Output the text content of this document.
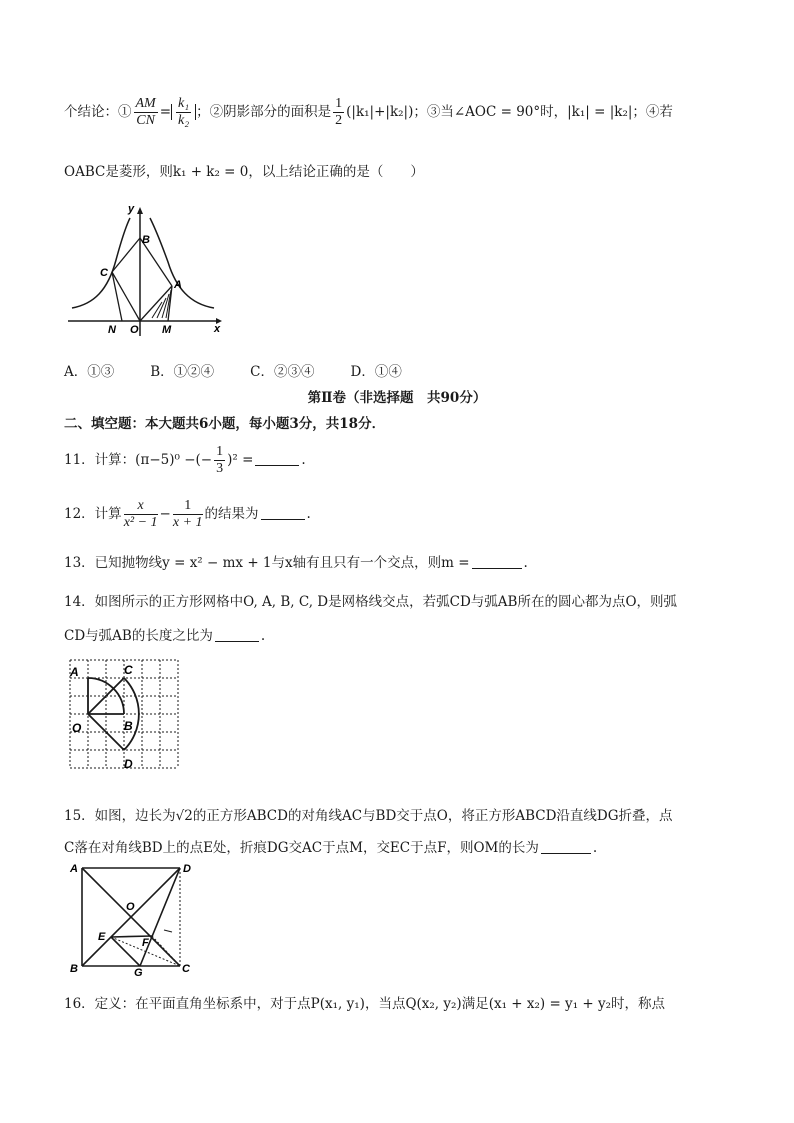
个结论：① $\frac{AM}{CN} = \frac{\text{k₁}}{\text{k₂}}$ ；②阴影部分的面积是 $\frac{1}{2} (|k_1|+|k_2|)$；③当∠AOC = 90°时，|k₁| = |k₂|；④若
OABC是菱形，则k₁ + k₂ = 0，以上结论正确的是（　　）
y
x
B
C
A
N O M
A．①③	B．①②④	C．②③④	D．①④
第Ⅱ卷（非选择题　共90分）
二、填空题：本大题共6小题，每小题3分，共18分．
11．计算：(π−5)⁰ −(− $\frac{1}{3} )^2$ =	.
12．计算 $\frac{x}{\text{x² − 1}} - \frac{1}{x + 1}$ 的结果为	.
13．已知抛物线y = x² − mx + 1与x轴有且只有一个交点，则m =	.
14．如图所示的正方形网格中O, A, B, C, D是网格线交点，若弧CD与弧AB所在的圆心都为点O，则弧
CD与弧AB的长度之比为	.
A	C
O	B
D
15．如图，边长为√2的正方形ABCD的对角线AC与BD交于点O，将正方形ABCD沿直线DG折叠，点
C落在对角线BD上的点E处，折痕DG交AC于点M，交EC于点F，则OM的长为	.
A	D
O
E	F
B	G	C
16．定义：在平面直角坐标系中，对于点P(x₁, y₁)，当点Q(x₂, y₂)满足(x₁ + x₂) = y₁ + y₂时，称点
